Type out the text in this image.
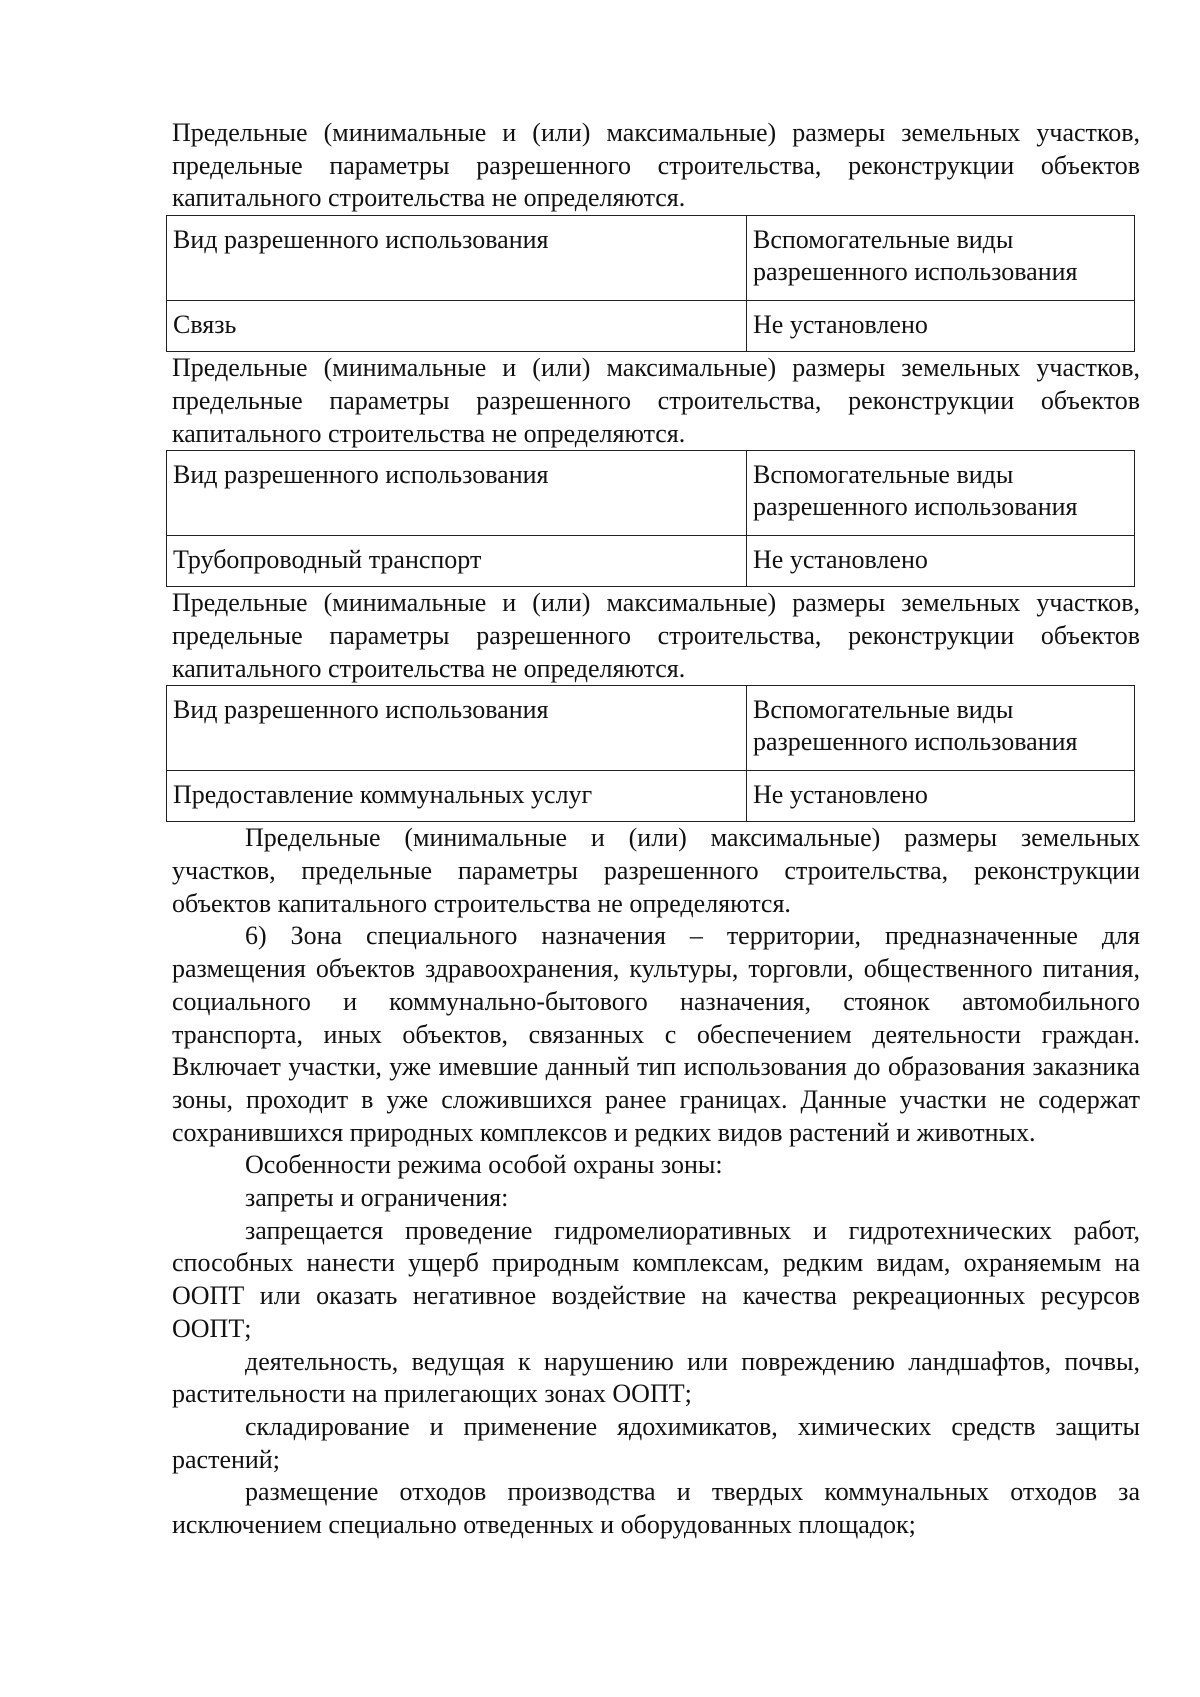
Предельные (минимальные и (или) максимальные) размеры земельных участков, предельные параметры разрешенного строительства, реконструкции объектов капитального строительства не определяются.

Вид разрешенного использования	Вспомогательные виды разрешенного использования
Связь	Не установлено

Предельные (минимальные и (или) максимальные) размеры земельных участков, предельные параметры разрешенного строительства, реконструкции объектов капитального строительства не определяются.

Вид разрешенного использования	Вспомогательные виды разрешенного использования
Трубопроводный транспорт	Не установлено

Предельные (минимальные и (или) максимальные) размеры земельных участков, предельные параметры разрешенного строительства, реконструкции объектов капитального строительства не определяются.

Вид разрешенного использования	Вспомогательные виды разрешенного использования
Предоставление коммунальных услуг	Не установлено

Предельные (минимальные и (или) максимальные) размеры земельных участков, предельные параметры разрешенного строительства, реконструкции объектов капитального строительства не определяются.

6) Зона специального назначения – территории, предназначенные для размещения объектов здравоохранения, культуры, торговли, общественного питания, социального и коммунально-бытового назначения, стоянок автомобильного транспорта, иных объектов, связанных с обеспечением деятельности граждан. Включает участки, уже имевшие данный тип использования до образования заказника зоны, проходит в уже сложившихся ранее границах. Данные участки не содержат сохранившихся природных комплексов и редких видов растений и животных.

Особенности режима особой охраны зоны:

запреты и ограничения:

запрещается проведение гидромелиоративных и гидротехнических работ, способных нанести ущерб природным комплексам, редким видам, охраняемым на ООПТ или оказать негативное воздействие на качества рекреационных ресурсов ООПТ;

деятельность, ведущая к нарушению или повреждению ландшафтов, почвы, растительности на прилегающих зонах ООПТ;

складирование и применение ядохимикатов, химических средств защиты растений;

размещение отходов производства и твердых коммунальных отходов за исключением специально отведенных и оборудованных площадок;
